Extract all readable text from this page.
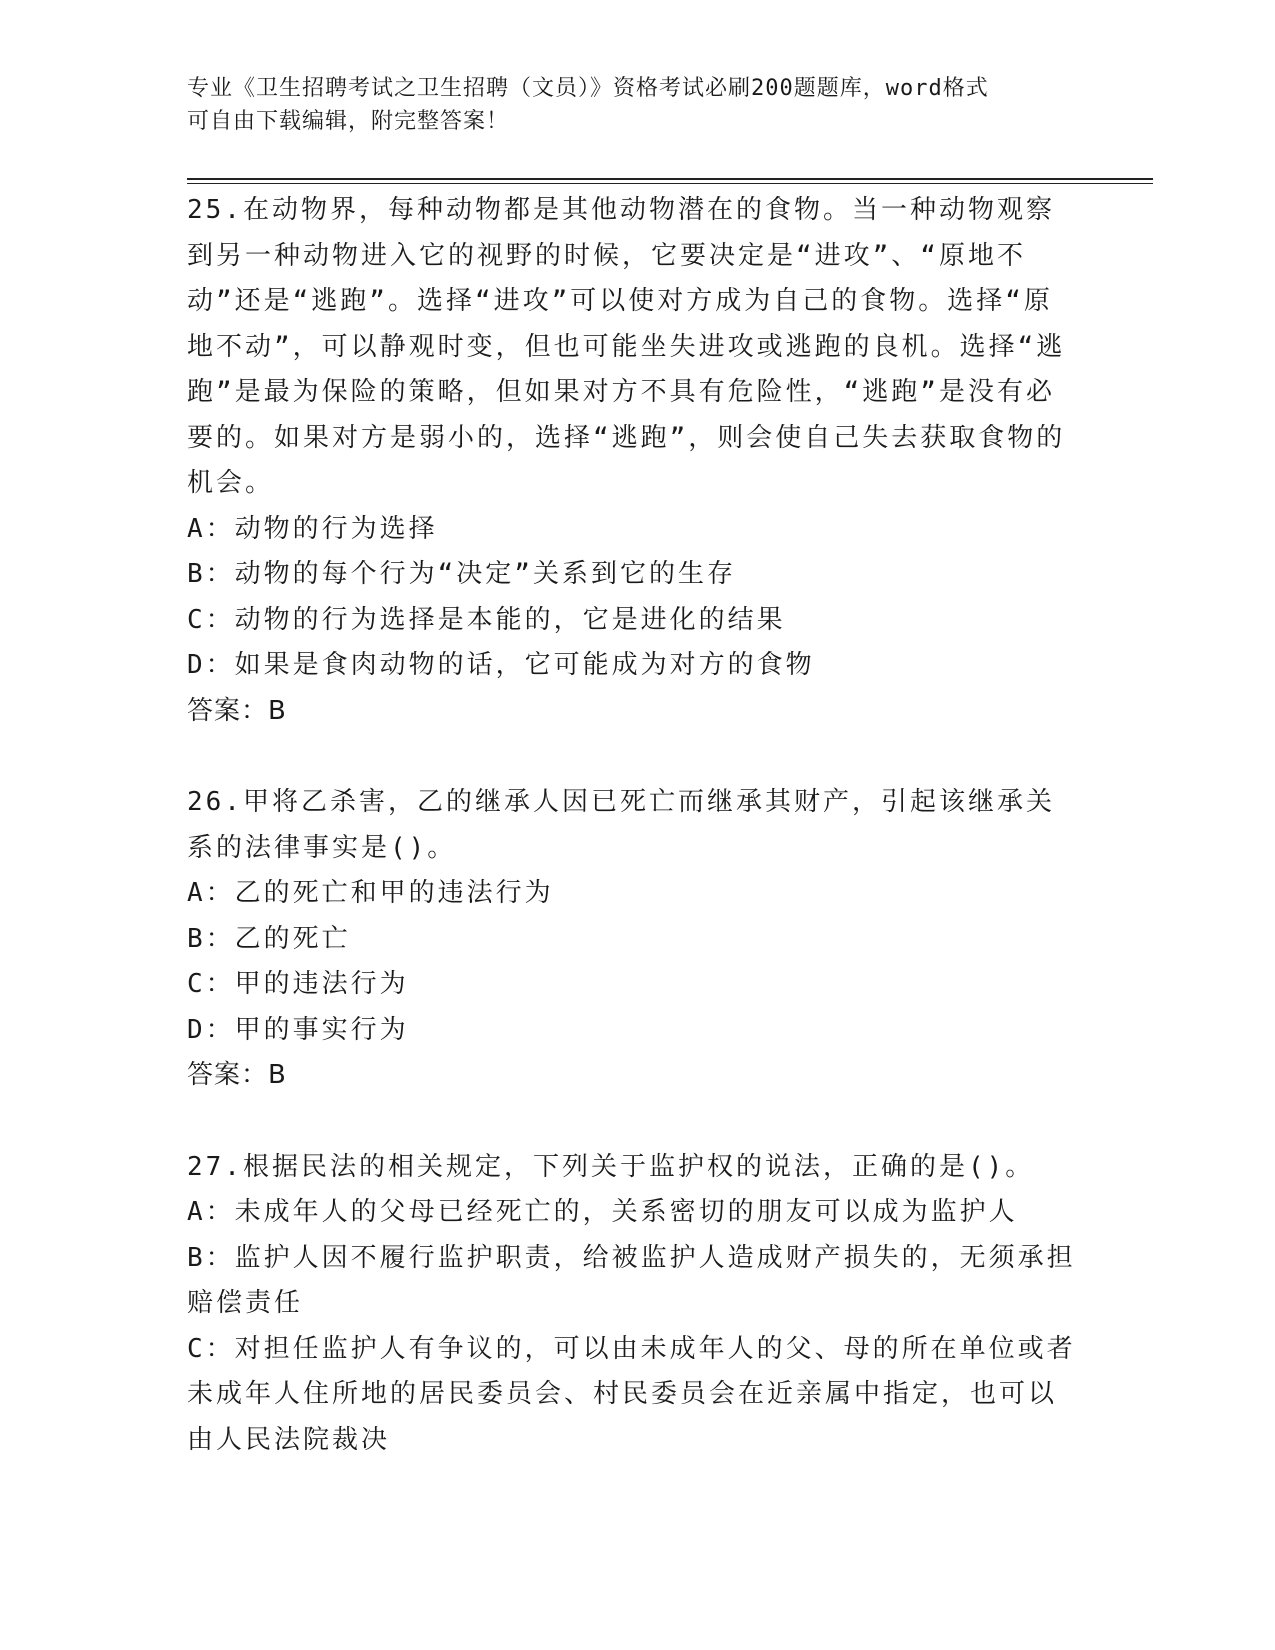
专业《卫生招聘考试之卫生招聘（文员）》资格考试必刷200题题库，word格式
可自由下载编辑，附完整答案！

25.在动物界，每种动物都是其他动物潜在的食物。当一种动物观察到另一种动物进入它的视野的时候，它要决定是“进攻”、“原地不动”还是“逃跑”。选择“进攻”可以使对方成为自己的食物。选择“原地不动”，可以静观时变，但也可能坐失进攻或逃跑的良机。选择“逃跑”是最为保险的策略，但如果对方不具有危险性，“逃跑”是没有必要的。如果对方是弱小的，选择“逃跑”，则会使自己失去获取食物的机会。

A：动物的行为选择

B：动物的每个行为“决定”关系到它的生存

C：动物的行为选择是本能的，它是进化的结果

D：如果是食肉动物的话，它可能成为对方的食物

答案：B

26.甲将乙杀害，乙的继承人因已死亡而继承其财产，引起该继承关系的法律事实是()。

A：乙的死亡和甲的违法行为

B：乙的死亡

C：甲的违法行为

D：甲的事实行为

答案：B

27.根据民法的相关规定，下列关于监护权的说法，正确的是()。

A：未成年人的父母已经死亡的，关系密切的朋友可以成为监护人

B：监护人因不履行监护职责，给被监护人造成财产损失的，无须承担赔偿责任

C：对担任监护人有争议的，可以由未成年人的父、母的所在单位或者未成年人住所地的居民委员会、村民委员会在近亲属中指定，也可以由人民法院裁决
